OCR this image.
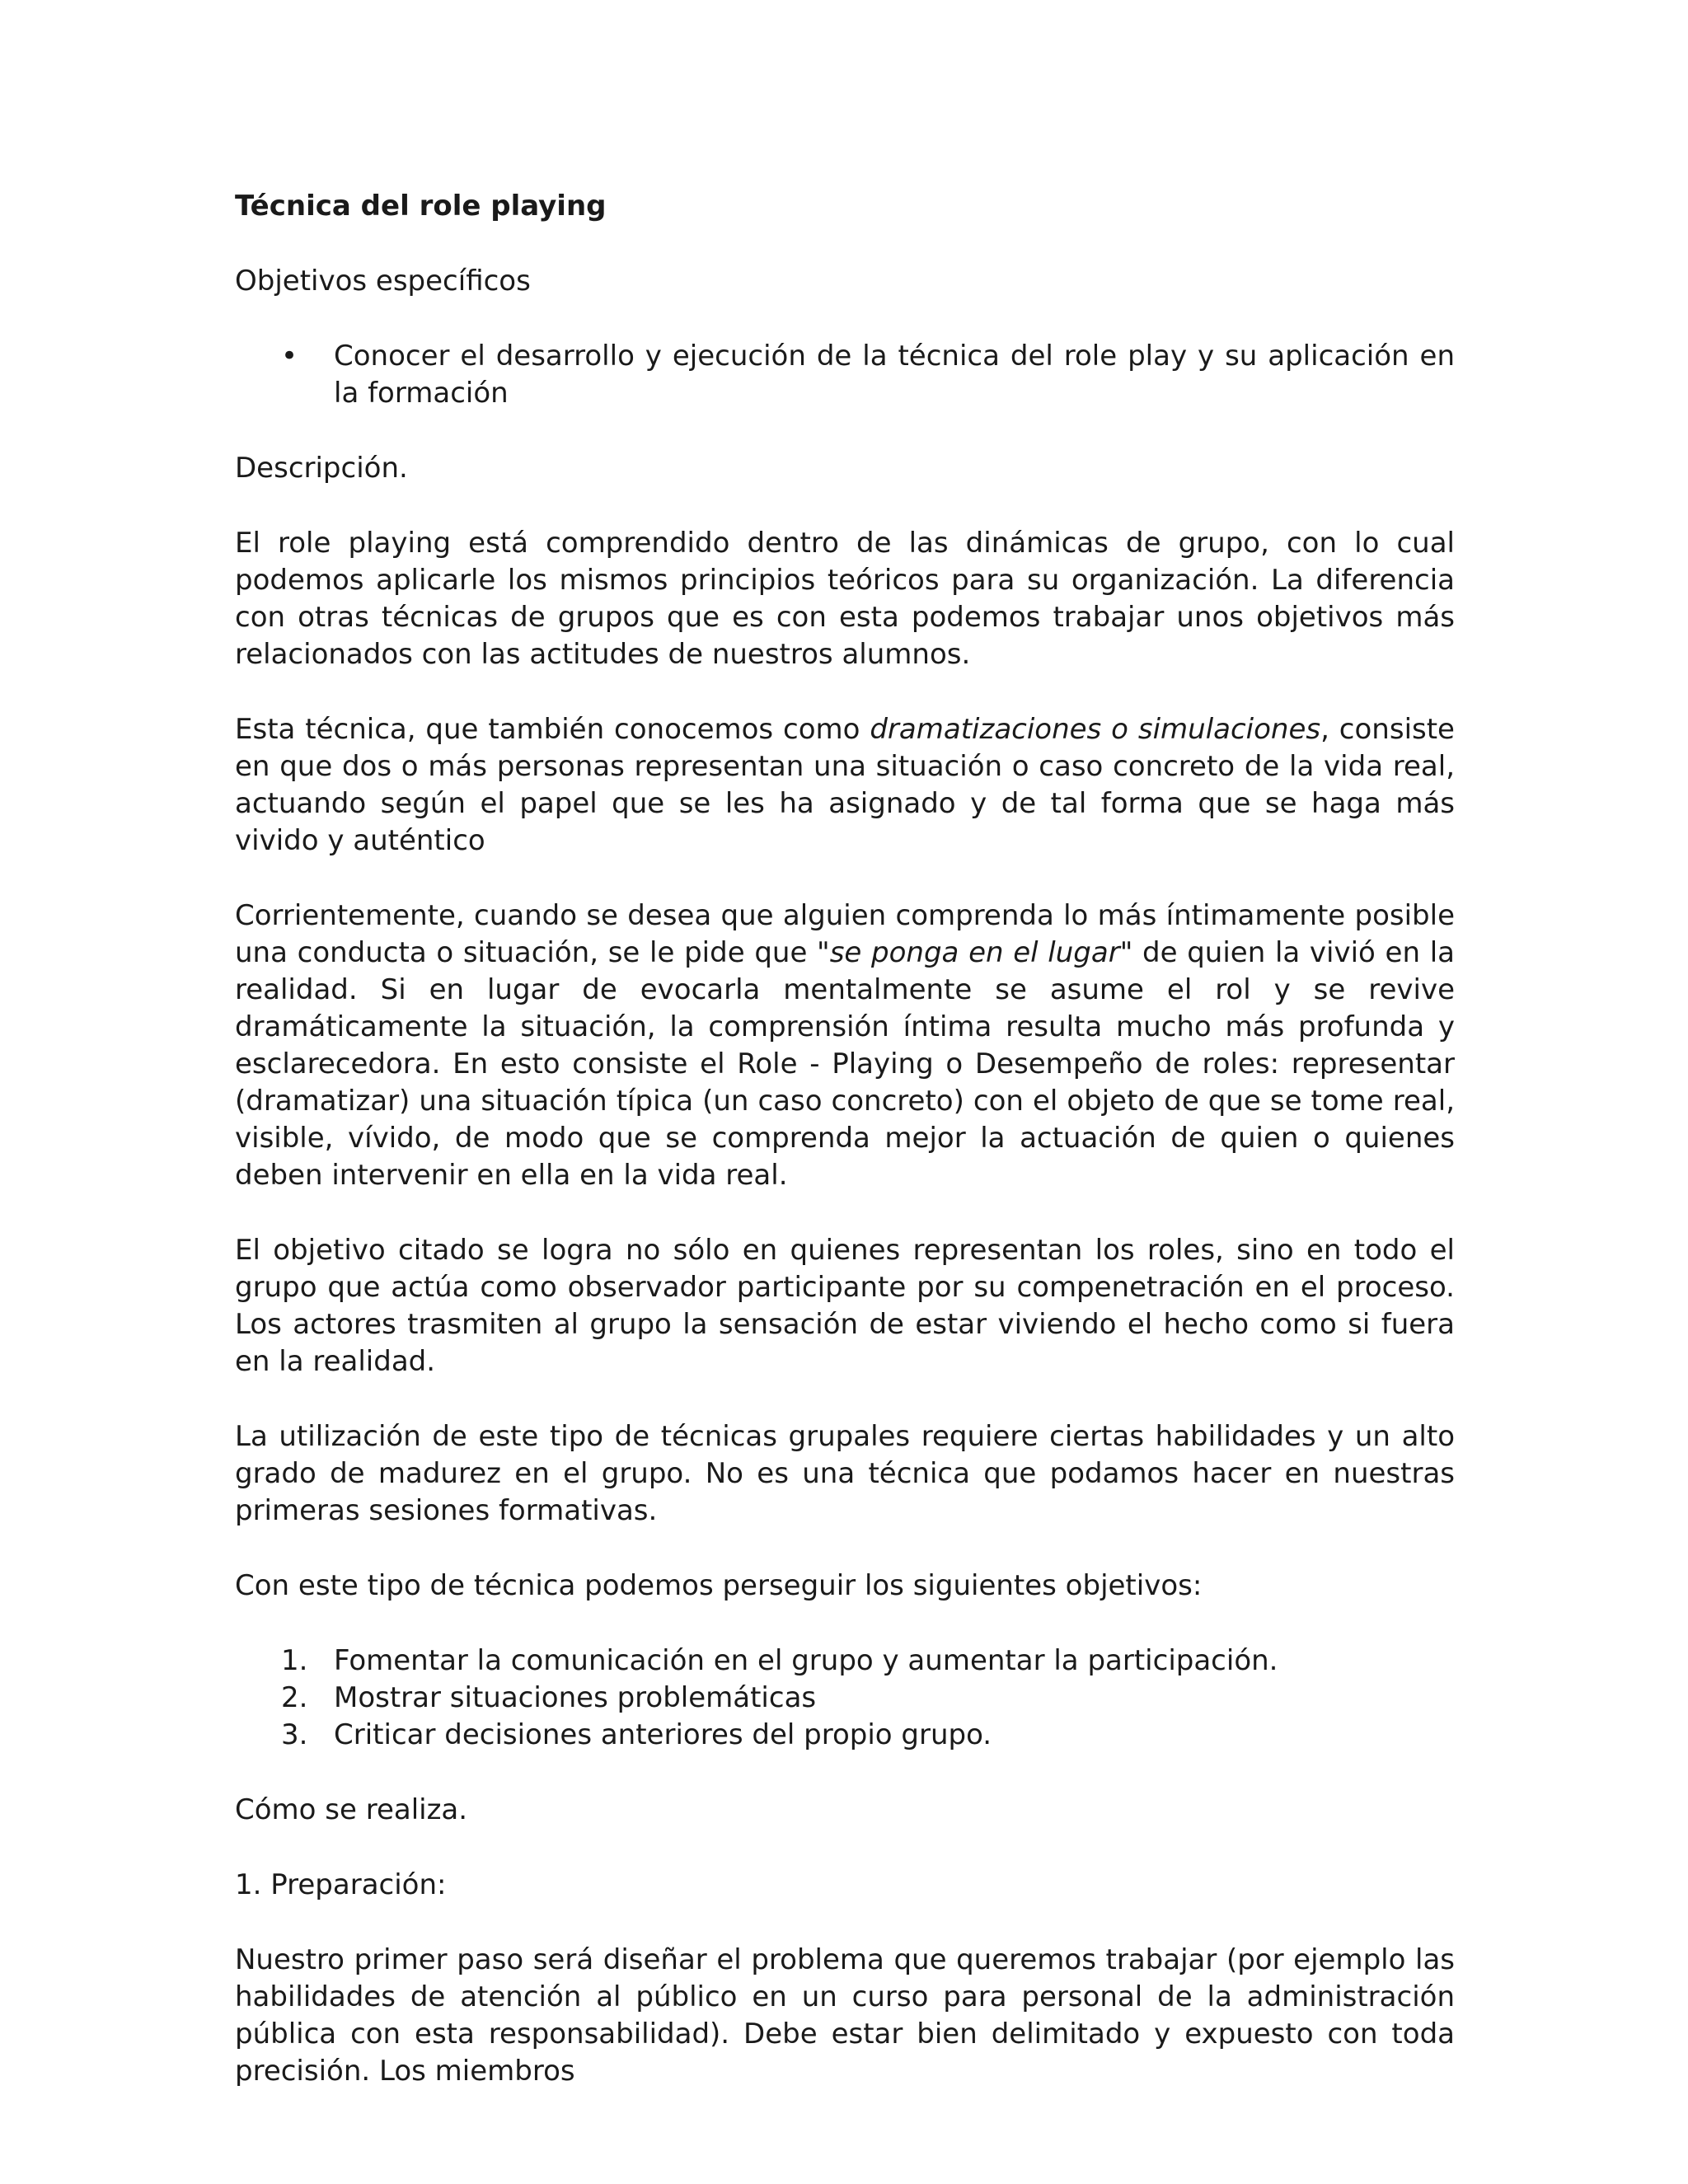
Técnica del role playing
Objetivos específicos
• Conocer el desarrollo y ejecución de la técnica del role play y su aplicación en la formación
Descripción.

El role playing está comprendido dentro de las dinámicas de grupo, con lo cual podemos aplicarle los mismos principios teóricos para su organización. La diferencia con otras técnicas de grupos que es con esta podemos trabajar unos objetivos más relacionados con las actitudes de nuestros alumnos.

Esta técnica, que también conocemos como dramatizaciones o simulaciones, consiste en que dos o más personas representan una situación o caso concreto de la vida real, actuando según el papel que se les ha asignado y de tal forma que se haga más vivido y auténtico

Corrientemente, cuando se desea que alguien comprenda lo más íntimamente posible una conducta o situación, se le pide que "se ponga en el lugar" de quien la vivió en la realidad. Si en lugar de evocarla mentalmente se asume el rol y se revive dramáticamente la situación, la comprensión íntima resulta mucho más profunda y esclarecedora. En esto consiste el Role - Playing o Desempeño de roles: representar (dramatizar) una situación típica (un caso concreto) con el objeto de que se tome real, visible, vívido, de modo que se comprenda mejor la actuación de quien o quienes deben intervenir en ella en la vida real.

El objetivo citado se logra no sólo en quienes representan los roles, sino en todo el grupo que actúa como observador participante por su compenetración en el proceso. Los actores trasmiten al grupo la sensación de estar viviendo el hecho como si fuera en la realidad.

La utilización de este tipo de técnicas grupales requiere ciertas habilidades y un alto grado de madurez en el grupo. No es una técnica que podamos hacer en nuestras primeras sesiones formativas.

Con este tipo de técnica podemos perseguir los siguientes objetivos:

1. Fomentar la comunicación en el grupo y aumentar la participación.
2. Mostrar situaciones problemáticas
3. Criticar decisiones anteriores del propio grupo.
Cómo se realiza.
1. Preparación:

Nuestro primer paso será diseñar el problema que queremos trabajar (por ejemplo las habilidades de atención al público en un curso para personal de la administración pública con esta responsabilidad). Debe estar bien delimitado y expuesto con toda precisión. Los miembros
